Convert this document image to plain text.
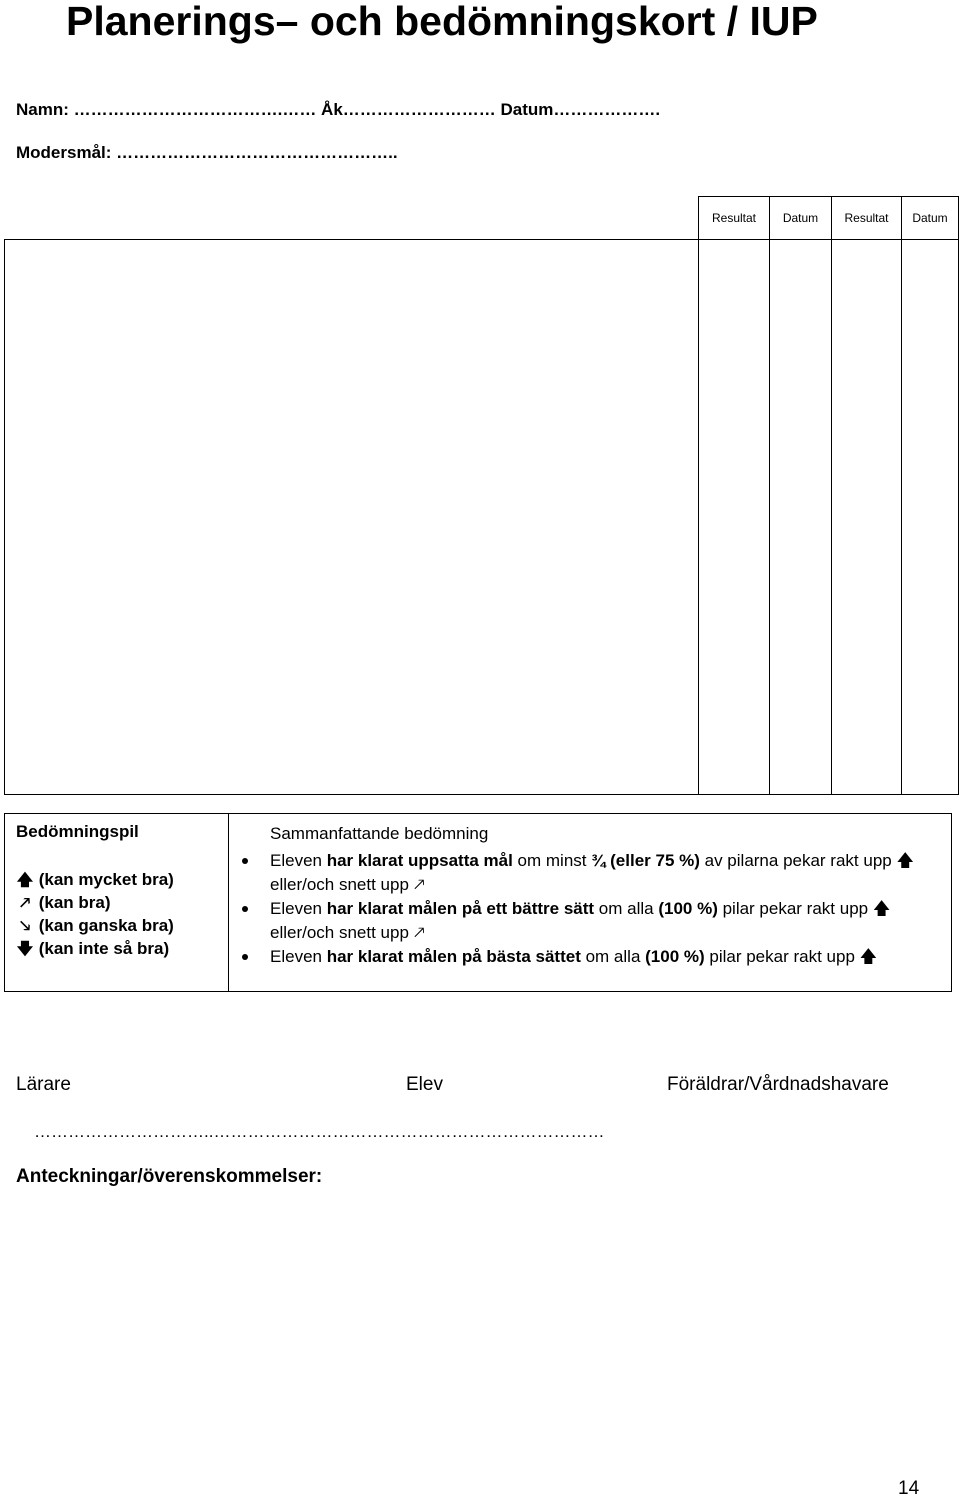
Planerings– och bedömningskort / IUP
Namn: ……………………………….…… Åk……………………… Datum……………….
Modersmål: …………………………………………..
Resultat	Datum	Resultat	Datum
Bedömningspil
🡅 (kan mycket bra)
🡕 (kan bra)
🡖 (kan ganska bra)
🡇 (kan inte så bra)
Sammanfattande bedömning
Eleven har klarat uppsatta mål om minst ¾ (eller 75 %) av pilarna pekar rakt upp 🡅 eller/och snett upp 🡕
Eleven har klarat målen på ett bättre sätt om alla (100 %) pilar pekar rakt upp 🡅 eller/och snett upp 🡕
Eleven har klarat målen på bästa sättet om alla (100 %) pilar pekar rakt upp 🡅
Lärare	Elev	Föräldrar/Vårdnadshavare
…………………………..……………………………………………………………
Anteckningar/överenskommelser:
14
